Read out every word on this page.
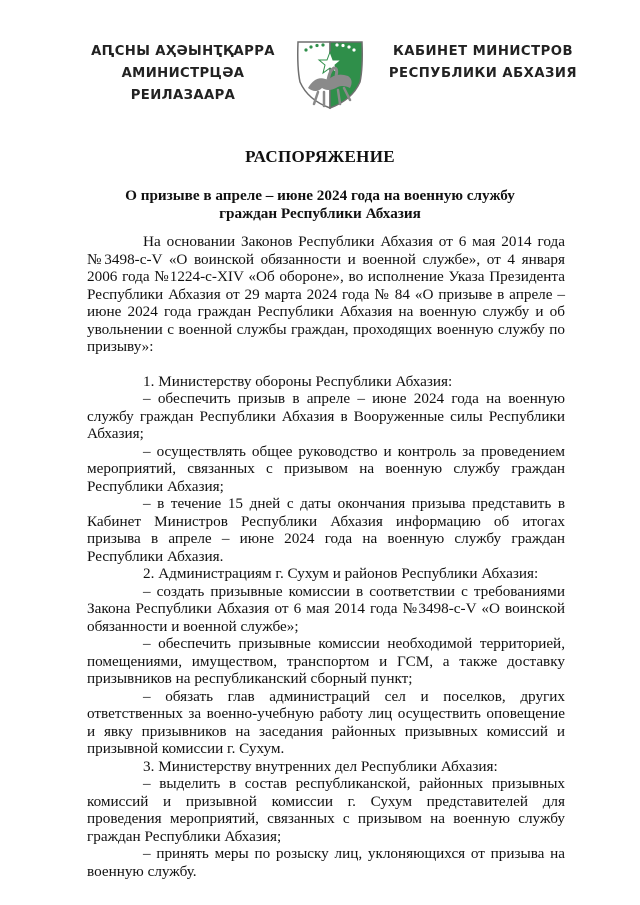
АԤСНЫ АҲӘЫНҬҚАРРА
АМИНИСТРЦӘА РЕИЛАЗААРА
КАБИНЕТ МИНИСТРОВ
РЕСПУБЛИКИ АБХАЗИЯ
РАСПОРЯЖЕНИЕ
О призыве в апреле – июне 2024 года на военную службу
граждан Республики Абхазия

На основании Законов Республики Абхазия от 6 мая 2014 года №3498-с-V «О воинской обязанности и военной службе», от 4 января 2006 года №1224-с-XIV «Об обороне», во исполнение Указа Президента Республики Абхазия от 29 марта 2024 года № 84 «О призыве в апреле – июне 2024 года граждан Республики Абхазия на военную службу и об увольнении с военной службы граждан, проходящих военную службу по призыву»:

1. Министерству обороны Республики Абхазия:

– обеспечить призыв в апреле – июне 2024 года на военную службу граждан Республики Абхазия в Вооруженные силы Республики Абхазия;

– осуществлять общее руководство и контроль за проведением мероприятий, связанных с призывом на военную службу граждан Республики Абхазия;

– в течение 15 дней с даты окончания призыва представить в Кабинет Министров Республики Абхазия информацию об итогах призыва в апреле – июне 2024 года на военную службу граждан Республики Абхазия.

2. Администрациям г. Сухум и районов Республики Абхазия:

– создать призывные комиссии в соответствии с требованиями Закона Республики Абхазия от 6 мая 2014 года №3498-с-V «О воинской обязанности и военной службе»;

– обеспечить призывные комиссии необходимой территорией, помещениями, имуществом, транспортом и ГСМ, а также доставку призывников на республиканский сборный пункт;

– обязать глав администраций сел и поселков, других ответственных за военно-учебную работу лиц осуществить оповещение и явку призывников на заседания районных призывных комиссий и призывной комиссии г. Сухум.

3. Министерству внутренних дел Республики Абхазия:

– выделить в состав республиканской, районных призывных комиссий и призывной комиссии г. Сухум представителей для проведения мероприятий, связанных с призывом на военную службу граждан Республики Абхазия;

– принять меры по розыску лиц, уклоняющихся от призыва на военную службу.
